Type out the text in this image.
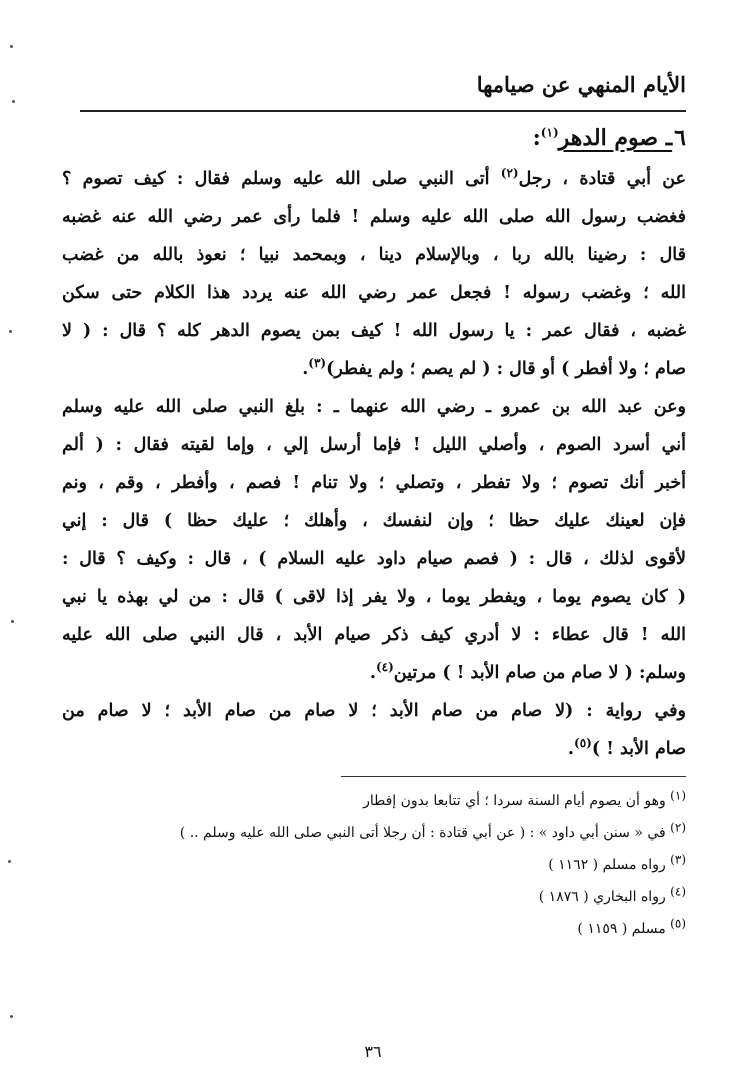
الأيام المنهي عن صيامها
٦ـ صوم الدهر$^{(١)}$:
عن أبي قتادة ، رجل$^{(٢)}$ أتى النبي صلى الله عليه وسلم فقال : كيف تصوم ؟
فغضب رسول الله صلى الله عليه وسلم ! فلما رأى عمر رضي الله عنه غضبه
قال : رضينا بالله ربا ، وبالإسلام دينا ، وبمحمد نبيا ؛ نعوذ بالله من غضب
الله ؛ وغضب رسوله ! فجعل عمر رضي الله عنه يردد هذا الكلام حتى سكن
غضبه ، فقال عمر : يا رسول الله ! كيف بمن يصوم الدهر كله ؟ قال : ( لا
صام ؛ ولا أفطر ) أو قال : ( لم يصم ؛ ولم يفطر)$^{(٣)}$.
وعن عبد الله بن عمرو ـ رضي الله عنهما ـ : بلغ النبي صلى الله عليه وسلم
أني أسرد الصوم ، وأصلي الليل ! فإما أرسل إلي ، وإما لقيته فقال : ( ألم
أخبر أنك تصوم ؛ ولا تفطر ، وتصلي ؛ ولا تنام ! فصم ، وأفطر ، وقم ، ونم
فإن لعينك عليك حظا ؛ وإن لنفسك ، وأهلك ؛ عليك حظا ) قال : إني
لأقوى لذلك ، قال : ( فصم صيام داود عليه السلام ) ، قال : وكيف ؟ قال :
( كان يصوم يوما ، ويفطر يوما ، ولا يفر إذا لاقى ) قال : من لي بهذه يا نبي
الله ! قال عطاء : لا أدري كيف ذكر صيام الأبد ، قال النبي صلى الله عليه
وسلم: ( لا صام من صام الأبد ! ) مرتين$^{(٤)}$.
وفي رواية : (لا صام من صام الأبد ؛ لا صام من صام الأبد ؛ لا صام من
صام الأبد ! )$^{(٥)}$.
$^{(١)}$ وهو أن يصوم أيام السنة سردا ؛ أي تتابعا بدون إفطار
$^{(٢)}$ في « سنن أبي داود » : ( عن أبي قتادة : أن رجلا أتى النبي صلى الله عليه وسلم .. )
$^{(٣)}$ رواه مسلم ( ١١٦٢ )
$^{(٤)}$ رواه البخاري ( ١٨٧٦ )
$^{(٥)}$ مسلم ( ١١٥٩ )
٣٦
